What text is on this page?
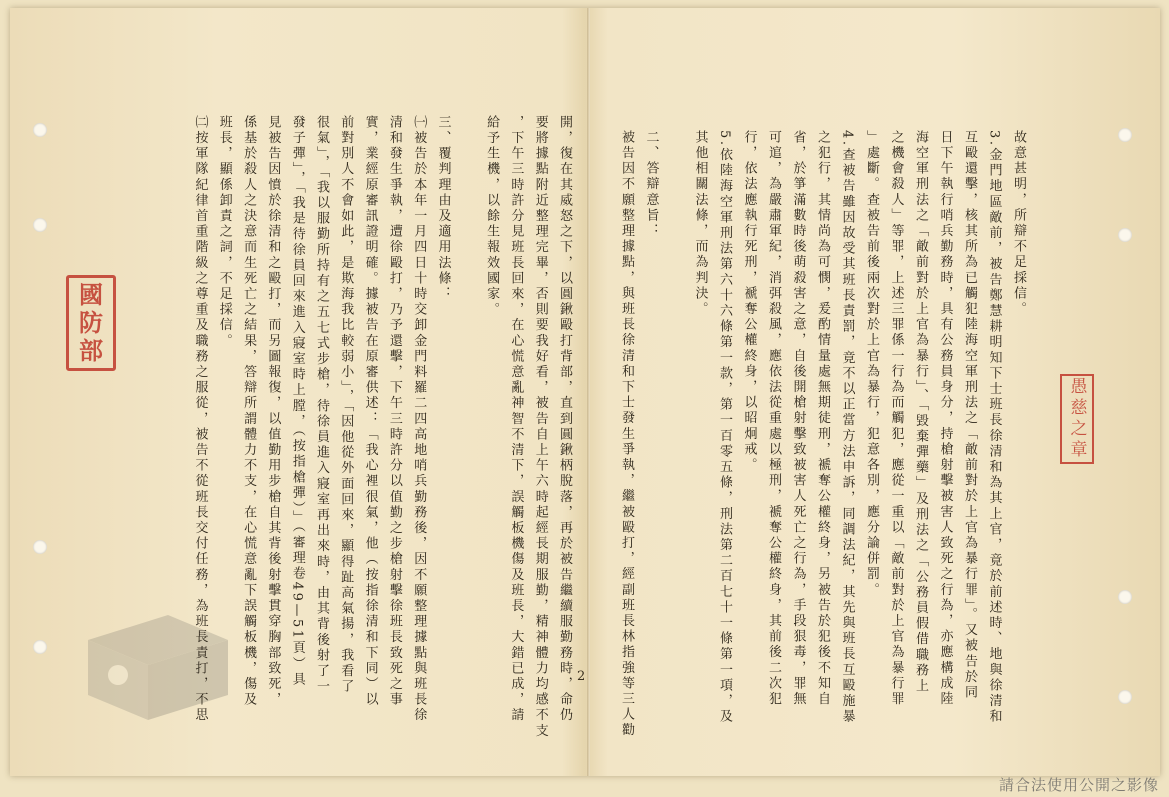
國
防
部
愚慈之章
故意甚明，所辯不足採信。
3.金門地區敵前，被告鄭慧耕明知下士班長徐清和為其上官，竟於前述時、地與徐清和
互毆還擊，核其所為已觸犯陸海空軍刑法之「敵前對於上官為暴行罪」。又被告於同
日下午執行哨兵勤務時，具有公務員身分，持槍射擊被害人致死之行為，亦應構成陸
海空軍刑法之「敵前對於上官為暴行」、「毀棄彈藥」及刑法之「公務員假借職務上
之機會殺人」等罪，上述三罪係一行為而觸犯，應從一重以「敵前對於上官為暴行罪
」處斷。查被告前後兩次對於上官為暴行，犯意各別，應分論併罰。
4.查被告雖因故受其班長責罰，竟不以正當方法申訴，同調法紀，其先與班長互毆施暴
之犯行，其情尚為可憫，爰酌情量處無期徒刑，褫奪公權終身，另被告於犯後不知自
省，於箏滿數時後萌殺害之意，自後開槍射擊致被害人死亡之行為，手段狠毒，罪無
可逭，為嚴肅軍紀，消弭殺風，應依法從重處以極刑，褫奪公權終身，其前後二次犯
行，依法應執行死刑，褫奪公權終身，以昭炯戒。
5.依陸海空軍刑法第六十六條第一款，第一百零五條，刑法第二百七十一條第一項，及
其他相關法條，而為判決。
二、答辯意旨：
被告因不願整理據點，與班長徐清和下士發生爭執，繼被毆打，經副班長林指強等三人勸
開，復在其威怒之下，以圓鍬毆打背部，直到圓鍬柄脫落，再於被告繼續服勤務時，命仍
要將據點附近整理完畢，否則要我好看，被告自上午六時起經長期服勤，精神體力均感不支
，下午三時許分見班長回來，在心慌意亂神智不清下，誤觸板機傷及班長，大錯已成，請
給予生機，以餘生報效國家。
三、覆判理由及適用法條：
㈠被告於本年一月四日十時交卸金門料羅二四高地哨兵勤務後，因不願整理據點與班長徐
清和發生爭執，遭徐毆打，乃予還擊，下午三時許分以值勤之步槍射擊徐班長致死之事
實，業經原審訊證明確。據被告在原審供述：「我心裡很氣，他（按指徐清和下同）以
前對別人不會如此，是欺海我比較弱小」，「因他從外面回來，顯得趾高氣揚，我看了
很氣」，「我以服勤所持有之五七式步槍，待徐員進入寢室再出來時，由其背後射了一
發子彈」，「我是待徐員回來進入寢室時上膛，（按指槍彈）」（審理卷49—51頁）具
見被告因憤於徐清和之毆打，而另圖報復，以值勤用步槍自其背後射擊貫穿胸部致死，
係基於殺人之決意而生死亡之結果，答辯所謂體力不支，在心慌意亂下誤觸板機，傷及
班長，顯係卸責之詞，不足採信。
㈡按軍隊紀律首重階級之尊重及職務之服從，被告不從班長交付任務，為班長責打，不思	2
請合法使用公開之影像
